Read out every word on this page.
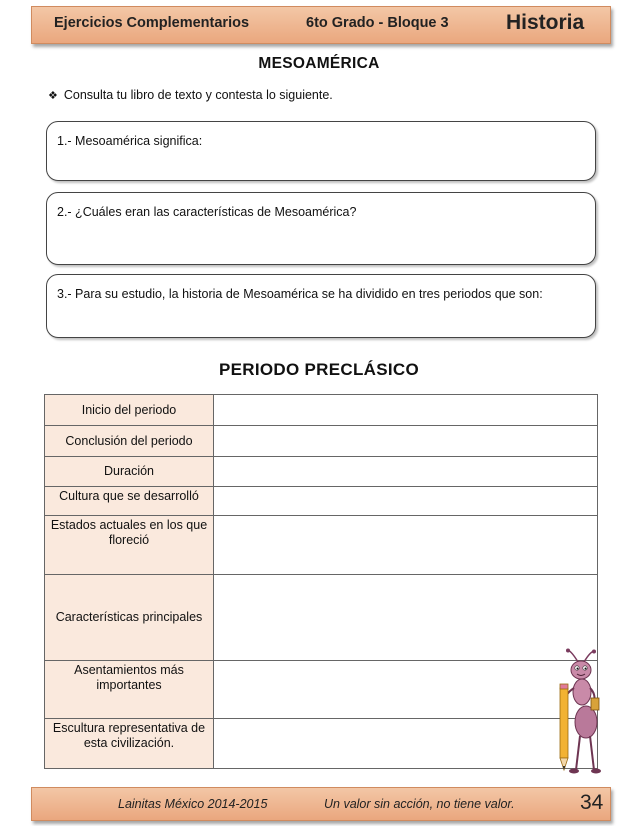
Ejercicios Complementarios	6to Grado - Bloque 3	Historia
MESOAMÉRICA
❖ Consulta tu libro de texto y contesta lo siguiente.
1.- Mesoamérica significa:
2.- ¿Cuáles eran las características de Mesoamérica?
3.- Para su estudio, la historia de Mesoamérica se ha dividido en tres periodos que son:
PERIODO PRECLÁSICO
Inicio del periodo	
Conclusión del periodo	
Duración	
Cultura que se desarrolló	
Estados actuales en los que floreció	
Características principales	
Asentamientos más importantes	
Escultura representativa de esta civilización.	
Lainitas México 2014-2015	Un valor sin acción, no tiene valor.	34
